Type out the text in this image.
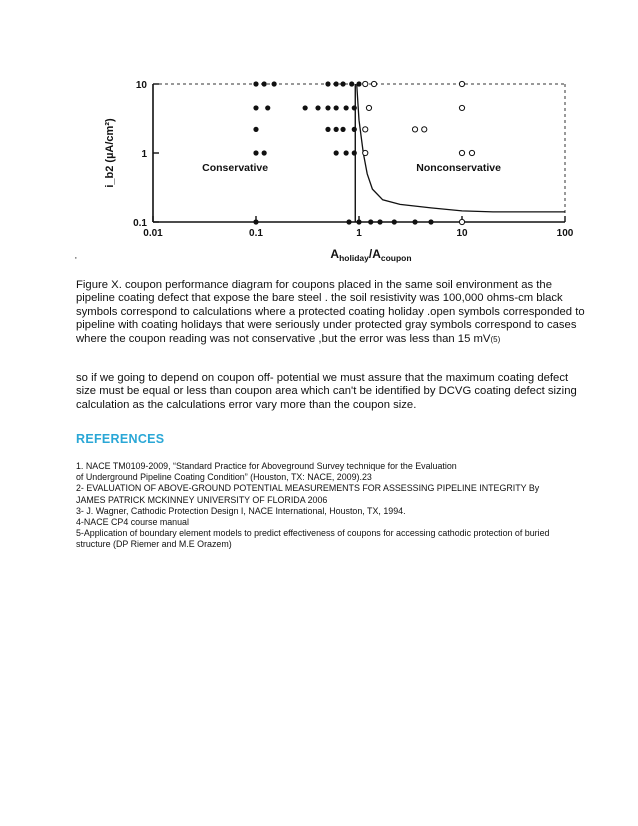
10
1
0.1
0.01	0.1	1	10	100
Conservative	Nonconservative
i_b2 (µA/cm²)
$A_{holiday}/A_{coupon}$
·

Figure X. coupon performance diagram for coupons placed in the same soil environment as the pipeline coating defect that expose the bare steel . the soil resistivity was 100,000 ohms-cm black symbols correspond to calculations where a protected coating holiday .open symbols corresponded to pipeline with coating holidays that were seriously under protected gray symbols correspond to cases where the coupon reading was not conservative ,but the error was less than 15 mV(5)

so if we going to depend on coupon off- potential we must assure that the maximum coating defect size must be equal or less than coupon area which can't be identified by DCVG coating defect sizing calculation as the calculations error vary more than the coupon size.

REFERENCES
1. NACE TM0109-2009, “Standard Practice for Aboveground Survey technique for the Evaluation
of Underground Pipeline Coating Condition” (Houston, TX: NACE, 2009).23
2- EVALUATION OF ABOVE-GROUND POTENTIAL MEASUREMENTS FOR ASSESSING PIPELINE INTEGRITY By
JAMES PATRICK MCKINNEY UNIVERSITY OF FLORIDA 2006
3- J. Wagner, Cathodic Protection Design I, NACE International, Houston, TX, 1994.
4-NACE CP4 course manual
5-Application of boundary element models to predict effectiveness of coupons for accessing cathodic protection of buried
structure (DP Riemer and M.E Orazem)
